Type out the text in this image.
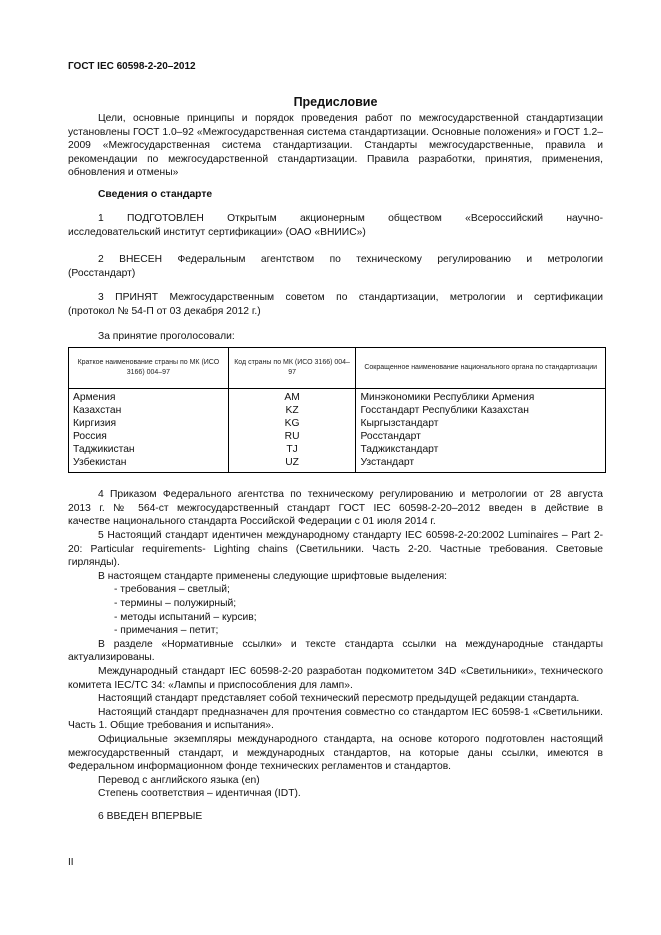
ГОСТ IEC 60598-2-20–2012
Предисловие

Цели, основные принципы и порядок проведения работ по межгосударственной стандартизации установлены ГОСТ 1.0–92 «Межгосударственная система стандартизации. Основные положения» и ГОСТ 1.2–2009 «Межгосударственная система стандартизации. Стандарты межгосударственные, правила и рекомендации по межгосударственной стандартизации. Правила разработки, принятия, применения, обновления и отмены»

Сведения о стандарте

1 ПОДГОТОВЛЕН Открытым акционерным обществом «Всероссийский научно-

исследовательский институт сертификации» (ОАО «ВНИИС»)

2 ВНЕСЕН Федеральным агентством по техническому регулированию и метрологии

(Росстандарт)

3 ПРИНЯТ Межгосударственным советом по стандартизации, метрологии и сертификации

(протокол № 54-П от 03 декабря 2012 г.)

За принятие проголосовали:

Краткое наименование страны по МК (ИСО 3166) 004–97	Код страны по МК (ИСО 3166) 004–97	Сокращенное наименование национального органа по стандартизации
Армения	AM	Минэкономики Республики Армения
Казахстан	KZ	Госстандарт Республики Казахстан
Киргизия	KG	Кыргызстандарт
Россия	RU	Росстандарт
Таджикистан	TJ	Таджикстандарт
Узбекистан	UZ	Узстандарт

4 Приказом Федерального агентства по техническому регулированию и метрологии от 28 августа

2013 г. № 564-ст межгосударственный стандарт ГОСТ IEC 60598-2-20–2012 введен в действие в

качестве национального стандарта Российской Федерации с 01 июля 2014 г.

5 Настоящий стандарт идентичен международному стандарту IEC 60598-2-20:2002 Luminaires – Part 2-20: Particular requirements- Lighting chains (Светильники. Часть 2-20. Частные требования. Световые гирлянды).

В настоящем стандарте применены следующие шрифтовые выделения:

- требования – светлый;

- термины – полужирный;

- методы испытаний – курсив;

- примечания – петит;

В разделе «Нормативные ссылки» и тексте стандарта ссылки на международные стандарты актуализированы.

Международный стандарт IEC 60598-2-20 разработан подкомитетом 34D «Светильники», технического комитета IEC/TC 34: «Лампы и приспособления для ламп».

Настоящий стандарт представляет собой технический пересмотр предыдущей редакции стандарта.

Настоящий стандарт предназначен для прочтения совместно со стандартом IEC 60598-1 «Светильники. Часть 1. Общие требования и испытания».

Официальные экземпляры международного стандарта, на основе которого подготовлен настоящий межгосударственный стандарт, и международных стандартов, на которые даны ссылки, имеются в Федеральном информационном фонде технических регламентов и стандартов.

Перевод с английского языка (en)

Степень соответствия – идентичная (IDT).

6 ВВЕДЕН ВПЕРВЫЕ

II
